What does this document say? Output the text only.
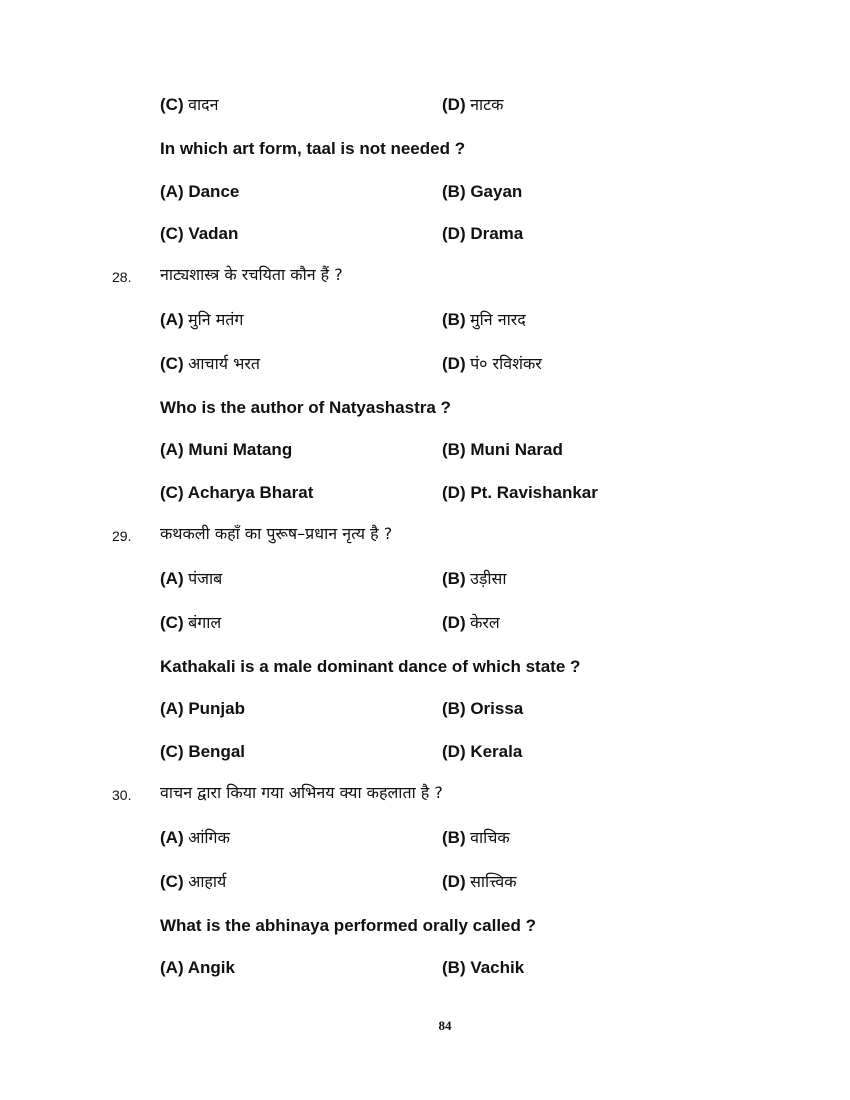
(C) वादन	(D) नाटक
In which art form, taal is not needed ?
(A) Dance	(B) Gayan
(C) Vadan	(D) Drama
28. नाट्यशास्त्र के रचयिता कौन हैं ?
(A) मुनि मतंग	(B) मुनि नारद
(C) आचार्य भरत	(D) पं० रविशंकर
Who is the author of Natyashastra ?
(A) Muni Matang	(B) Muni Narad
(C) Acharya Bharat	(D) Pt. Ravishankar
29. कथकली कहाँ का पुरूष–प्रधान नृत्य है ?
(A) पंजाब	(B) उड़ीसा
(C) बंगाल	(D) केरल
Kathakali is a male dominant dance of which state ?
(A) Punjab	(B) Orissa
(C) Bengal	(D) Kerala
30. वाचन द्वारा किया गया अभिनय क्या कहलाता है ?
(A) आंगिक	(B) वाचिक
(C) आहार्य	(D) सात्त्विक
What is the abhinaya performed orally called ?
(A) Angik	(B) Vachik
84
